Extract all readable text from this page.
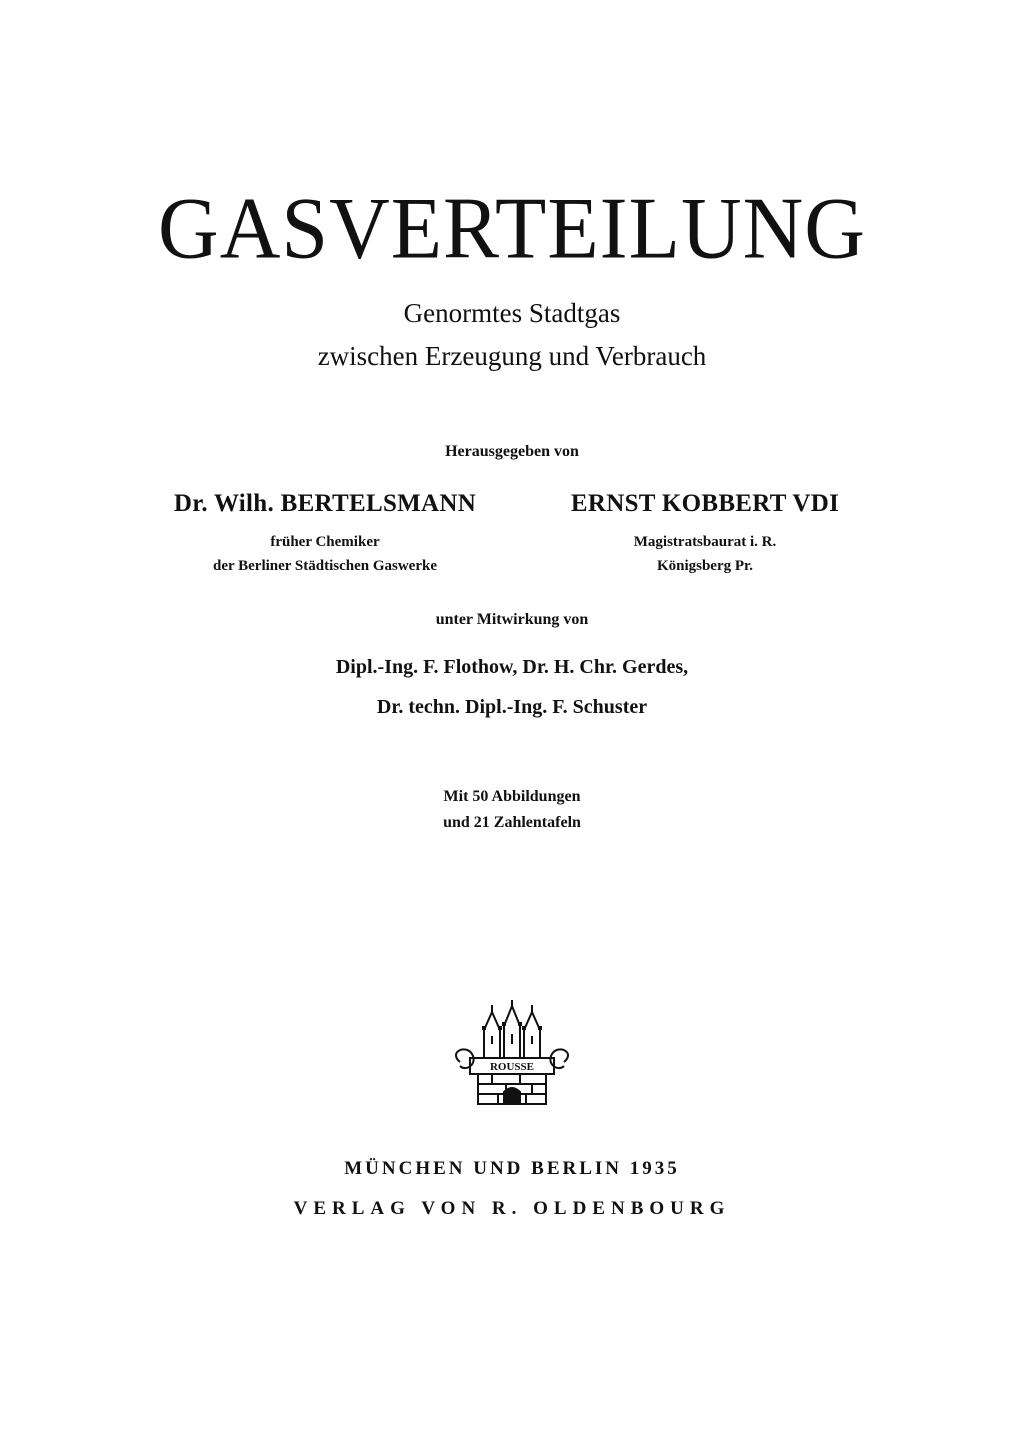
GASVERTEILUNG
Genormtes Stadtgas
zwischen Erzeugung und Verbrauch
Herausgegeben von
Dr. Wilh. BERTELSMANN
früher Chemiker
der Berliner Städtischen Gaswerke
ERNST KOBBERT VDI
Magistratsbaurat i. R.
Königsberg Pr.
unter Mitwirkung von
Dipl.-Ing. F. Flothow, Dr. H. Chr. Gerdes,
Dr. techn. Dipl.-Ing. F. Schuster
Mit 50 Abbildungen
und 21 Zahlentafeln
ROUSSE
MÜNCHEN UND BERLIN 1935
VERLAG VON R. OLDENBOURG
